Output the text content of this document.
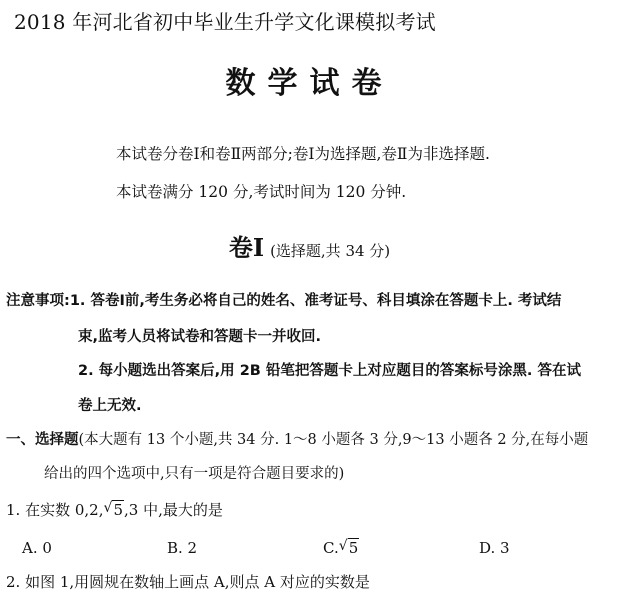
2018 年河北省初中毕业生升学文化课模拟考试
数学试卷
本试卷分卷Ⅰ和卷Ⅱ两部分;卷Ⅰ为选择题,卷Ⅱ为非选择题.
本试卷满分 120 分,考试时间为 120 分钟.
卷Ⅰ (选择题,共 34 分)
注意事项:1. 答卷Ⅰ前,考生务必将自己的姓名、准考证号、科目填涂在答题卡上. 考试结
束,监考人员将试卷和答题卡一并收回.
2. 每小题选出答案后,用 2B 铅笔把答题卡上对应题目的答案标号涂黑. 答在试
卷上无效.
一、选择题(本大题有 13 个小题,共 34 分. 1～8 小题各 3 分,9～13 小题各 2 分,在每小题
给出的四个选项中,只有一项是符合题目要求的)
1. 在实数 0,2, √ 5,3 中,最大的是
A. 0	B. 2	C. √ 5	D. 3
2. 如图 1,用圆规在数轴上画点 A,则点 A 对应的实数是
